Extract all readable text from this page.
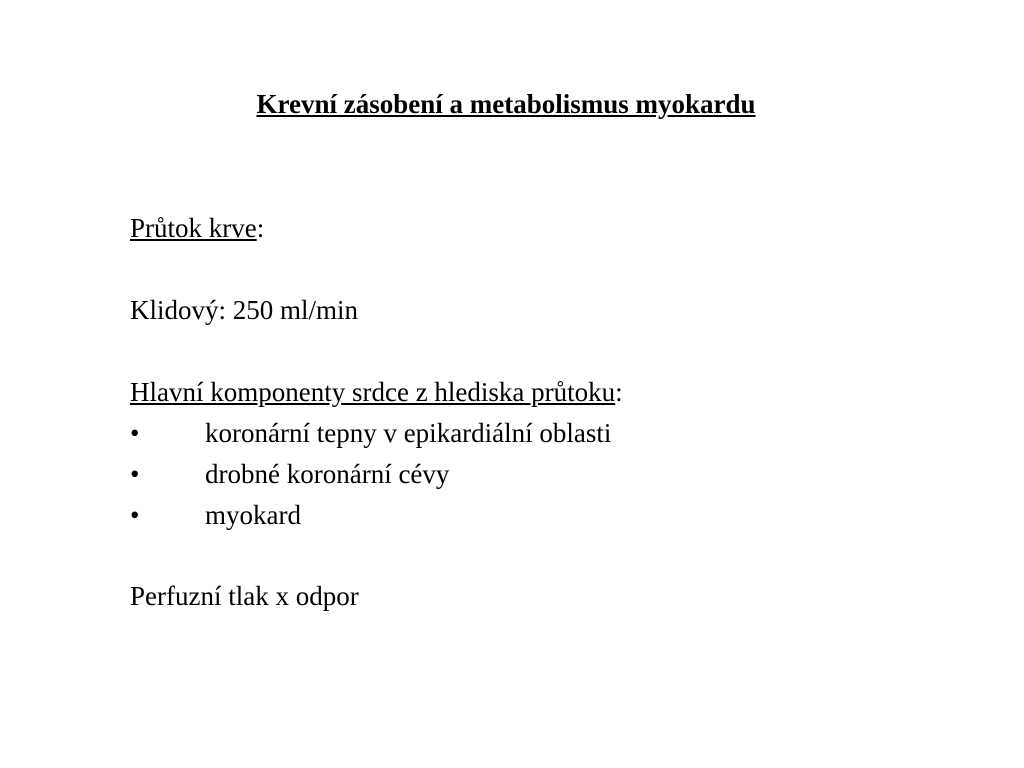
Krevní zásobení a metabolismus myokardu
Průtok krve:
Klidový: 250 ml/min
Hlavní komponenty srdce z hlediska průtoku:
•	koronární tepny v epikardiální oblasti
•	drobné koronární cévy
•	myokard
Perfuzní tlak x odpor
